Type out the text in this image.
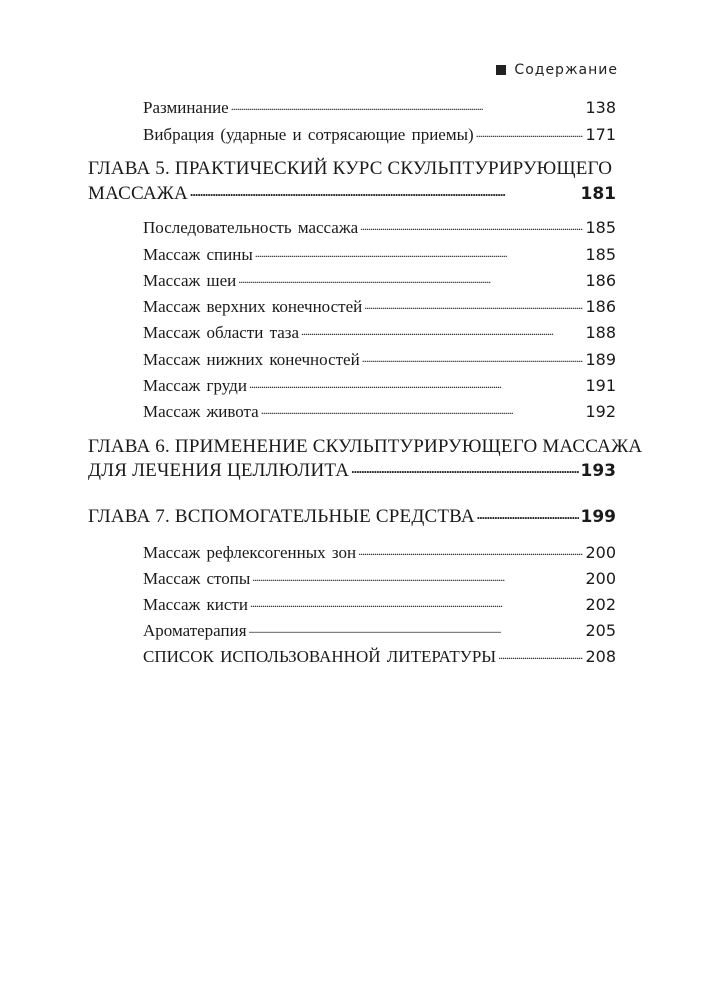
Содержание
Разминание . . .	138
Вибрация (ударные и сотрясающие приемы) . . .	171
ГЛАВА 5. ПРАКТИЧЕСКИЙ КУРС СКУЛЬПТУРИРУЮЩЕГО
МАССАЖА . . .	181
Последовательность массажа . . .	185
Массаж спины . . .	185
Массаж шеи . . .	186
Массаж верхних конечностей . . .	186
Массаж области таза . . .	188
Массаж нижних конечностей . . .	189
Массаж груди . . .	191
Массаж живота . . .	192
ГЛАВА 6. ПРИМЕНЕНИЕ СКУЛЬПТУРИРУЮЩЕГО МАССАЖА
ДЛЯ ЛЕЧЕНИЯ ЦЕЛЛЮЛИТА . . .	193
ГЛАВА 7. ВСПОМОГАТЕЛЬНЫЕ СРЕДСТВА . . .	199
Массаж рефлексогенных зон . . .	200
Массаж стопы . . .	200
Массаж кисти . . .	202
Ароматерапия . . .	205
СПИСОК ИСПОЛЬЗОВАННОЙ ЛИТЕРАТУРЫ . . .	208
